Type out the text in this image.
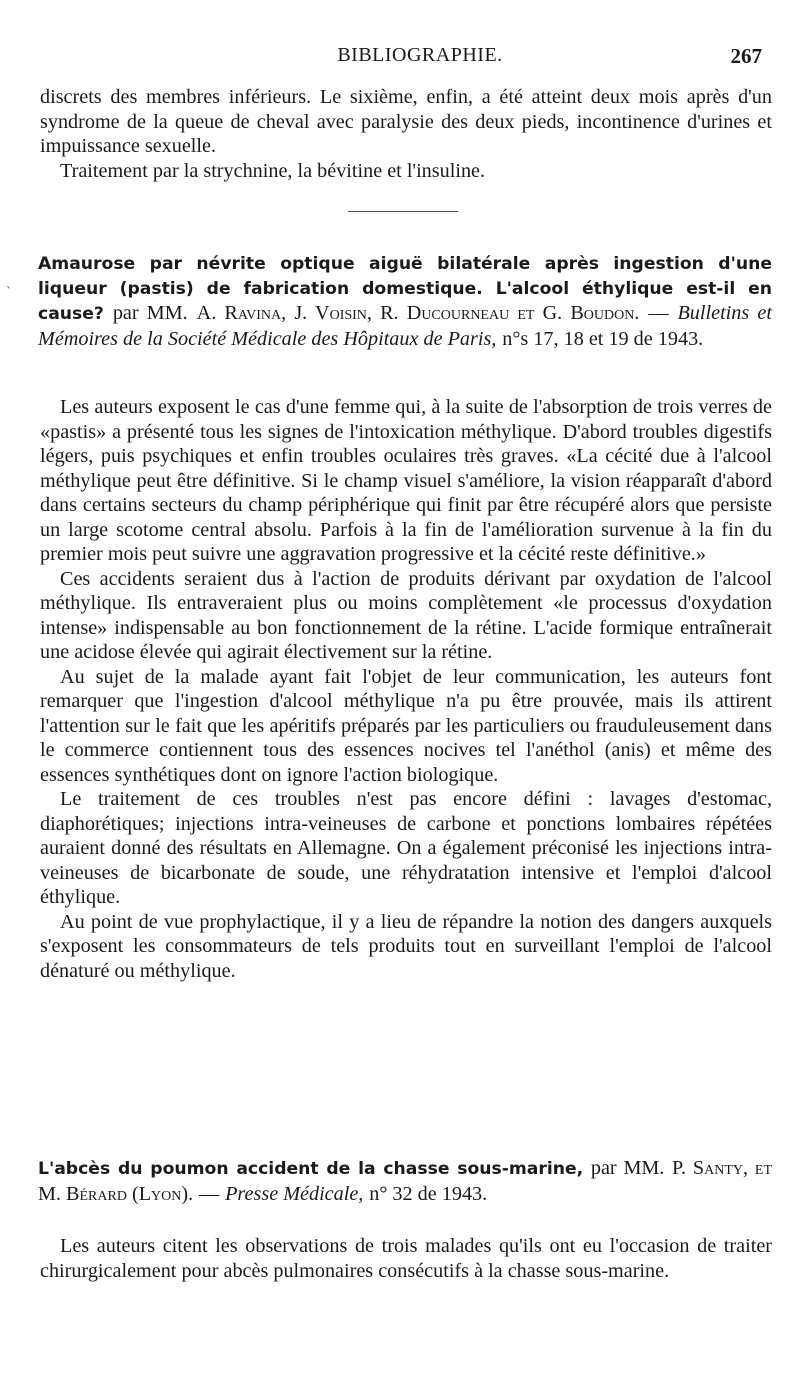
BIBLIOGRAPHIE.	267

discrets des membres inférieurs. Le sixième, enfin, a été atteint deux mois après d'un syndrome de la queue de cheval avec paralysie des deux pieds, incontinence d'urines et impuissance sexuelle.

Traitement par la strychnine, la bévitine et l'insuline.

`
Amaurose par névrite optique aiguë bilatérale après ingestion d'une liqueur (pastis) de fabrication domestique. L'alcool éthylique est-il en cause? par MM. A. Ravina, J. Voisin, R. Ducourneau et G. Boudon. — Bulletins et Mémoires de la Société Médicale des Hôpitaux de Paris, n°s 17, 18 et 19 de 1943.

Les auteurs exposent le cas d'une femme qui, à la suite de l'absorption de trois verres de «pastis» a présenté tous les signes de l'intoxication méthylique. D'abord troubles digestifs légers, puis psychiques et enfin troubles oculaires très graves. «La cécité due à l'alcool méthylique peut être définitive. Si le champ visuel s'améliore, la vision réapparaît d'abord dans certains secteurs du champ périphérique qui finit par être récupéré alors que persiste un large scotome central absolu. Parfois à la fin de l'amélioration survenue à la fin du premier mois peut suivre une aggravation progressive et la cécité reste définitive.»

Ces accidents seraient dus à l'action de produits dérivant par oxydation de l'alcool méthylique. Ils entraveraient plus ou moins complètement «le processus d'oxydation intense» indispensable au bon fonctionnement de la rétine. L'acide formique entraînerait une acidose élevée qui agirait électivement sur la rétine.

Au sujet de la malade ayant fait l'objet de leur communication, les auteurs font remarquer que l'ingestion d'alcool méthylique n'a pu être prouvée, mais ils attirent l'attention sur le fait que les apéritifs préparés par les particuliers ou frauduleusement dans le commerce contiennent tous des essences nocives tel l'anéthol (anis) et même des essences synthétiques dont on ignore l'action biologique.

Le traitement de ces troubles n'est pas encore défini : lavages d'estomac, diaphorétiques; injections intra-veineuses de carbone et ponctions lombaires répétées auraient donné des résultats en Allemagne. On a également préconisé les injections intra-veineuses de bicarbonate de soude, une réhydratation intensive et l'emploi d'alcool éthylique.

Au point de vue prophylactique, il y a lieu de répandre la notion des dangers auxquels s'exposent les consommateurs de tels produits tout en surveillant l'emploi de l'alcool dénaturé ou méthylique.

L'abcès du poumon accident de la chasse sous-marine, par MM. P. Santy, et M. Bérard (Lyon). — Presse Médicale, n° 32 de 1943.

Les auteurs citent les observations de trois malades qu'ils ont eu l'occasion de traiter chirurgicalement pour abcès pulmonaires consécutifs à la chasse sous-marine.
